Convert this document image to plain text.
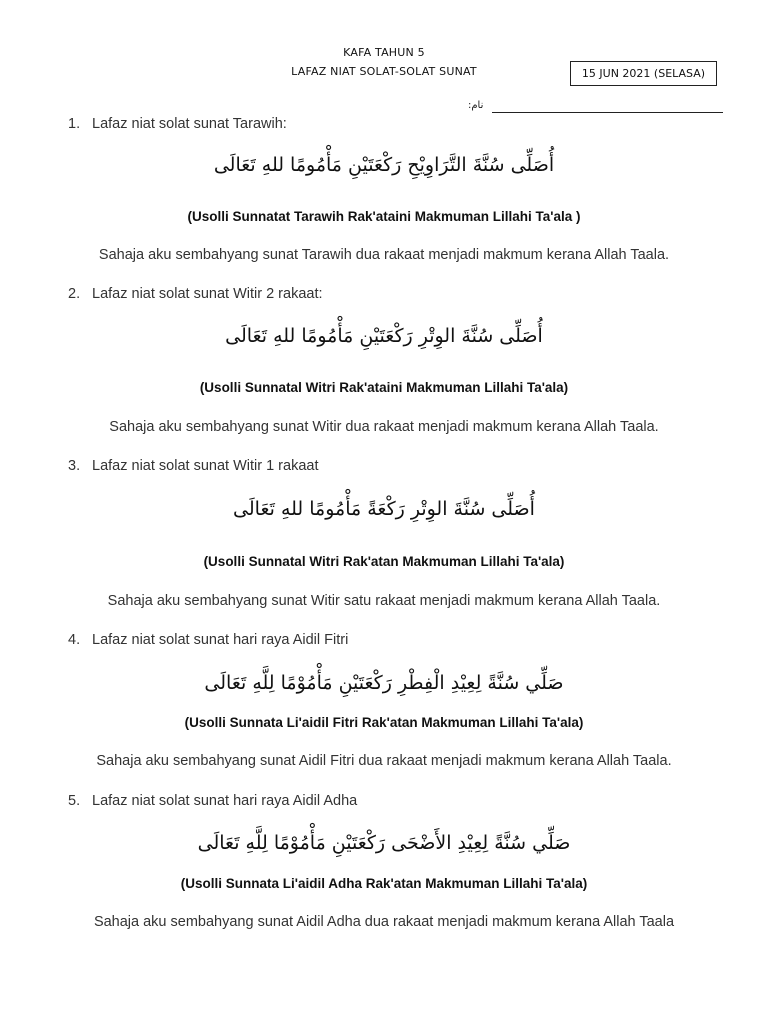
KAFA TAHUN 5
LAFAZ NIAT SOLAT-SOLAT SUNAT	15 JUN 2021 (SELASA)
نام:
1. Lafaz niat solat sunat Tarawih:
أُصَلِّى سُنَّةَ التَّرَاوِيْحِ رَكْعَتَيْنِ مَأْمُومًا للهِ تَعَالَى
(Usolli Sunnatat Tarawih Rak'ataini Makmuman Lillahi Ta'ala )
Sahaja aku sembahyang sunat Tarawih dua rakaat menjadi makmum kerana Allah Taala.
2. Lafaz niat solat sunat Witir 2 rakaat:
أُصَلِّى سُنَّةَ الوِتْرِ رَكْعَتَيْنِ مَأْمُومًا للهِ تَعَالَى
(Usolli Sunnatal Witri Rak'ataini Makmuman Lillahi Ta'ala)
Sahaja aku sembahyang sunat Witir dua rakaat menjadi makmum kerana Allah Taala.
3. Lafaz niat solat sunat Witir 1 rakaat
أُصَلِّى سُنَّةَ الوِتْرِ رَكْعَةً مَأْمُومًا للهِ تَعَالَى
(Usolli Sunnatal Witri Rak'atan Makmuman Lillahi Ta'ala)
Sahaja aku sembahyang sunat Witir satu rakaat menjadi makmum kerana Allah Taala.
4. Lafaz niat solat sunat hari raya Aidil Fitri
صَلِّي سُنَّةً لِعِيْدِ الْفِطْرِ رَكْعَتَيْنِ مَأْمُوْمًا لِلَّهِ تَعَالَى
(Usolli Sunnata Li'aidil Fitri Rak'atan Makmuman Lillahi Ta'ala)
Sahaja aku sembahyang sunat Aidil Fitri dua rakaat menjadi makmum kerana Allah Taala.
5. Lafaz niat solat sunat hari raya Aidil Adha
صَلِّي سُنَّةً لِعِيْدِ الأَضْحَى رَكْعَتَيْنِ مَأْمُوْمًا لِلَّهِ تَعَالَى
(Usolli Sunnata Li'aidil Adha Rak'atan Makmuman Lillahi Ta'ala)
Sahaja aku sembahyang sunat Aidil Adha dua rakaat menjadi makmum kerana Allah Taala
